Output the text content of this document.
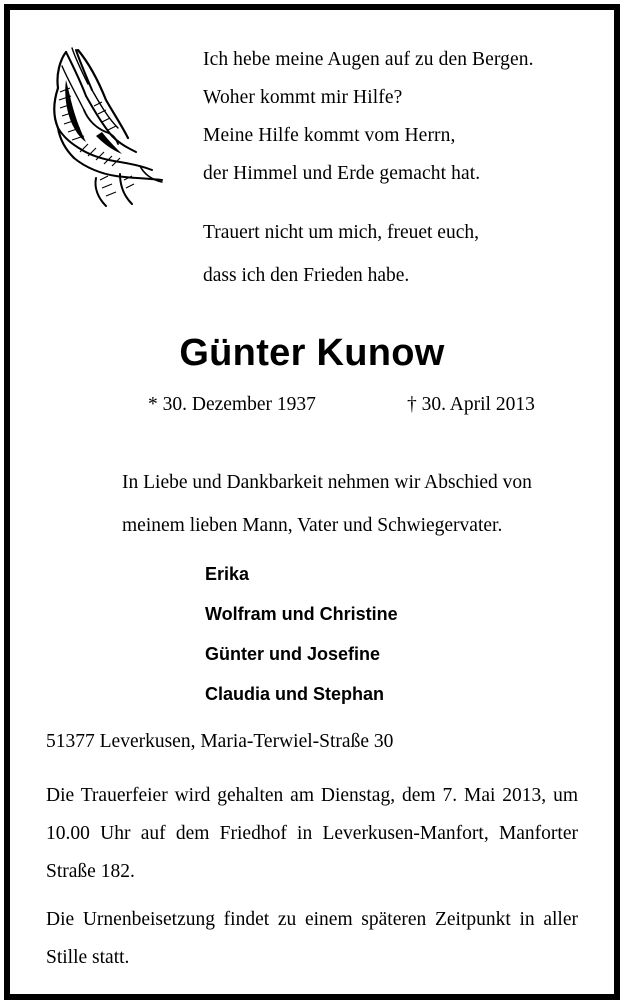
Ich hebe meine Augen auf zu den Bergen.
Woher kommt mir Hilfe?
Meine Hilfe kommt vom Herrn,
der Himmel und Erde gemacht hat.
Trauert nicht um mich, freuet euch,
dass ich den Frieden habe.
Günter Kunow
* 30. Dezember 1937	† 30. April 2013
In Liebe und Dankbarkeit nehmen wir Abschied von
meinem lieben Mann, Vater und Schwiegervater.
Erika
Wolfram und Christine
Günter und Josefine
Claudia und Stephan
51377 Leverkusen, Maria-Terwiel-Straße 30
Die Trauerfeier wird gehalten am Dienstag, dem 7. Mai 2013, um 10.00 Uhr auf dem Friedhof in Leverkusen-Manfort, Manforter Straße 182.
Die Urnenbeisetzung findet zu einem späteren Zeitpunkt in aller Stille statt.
